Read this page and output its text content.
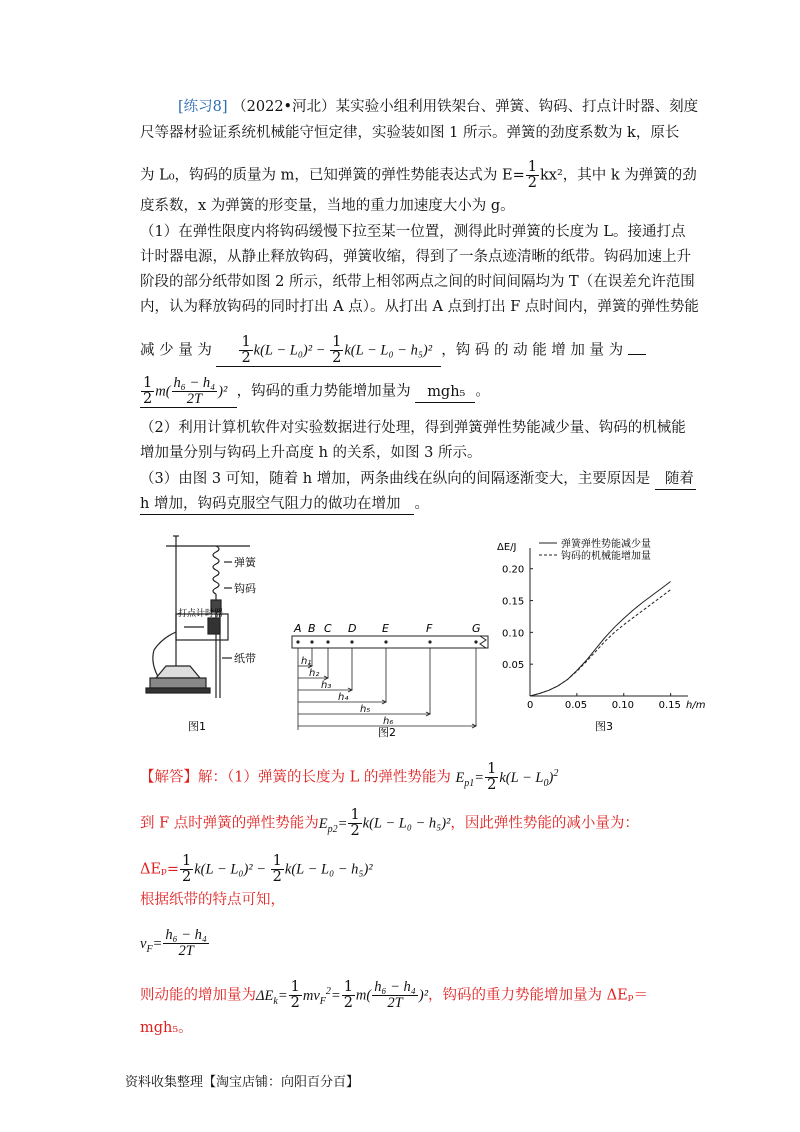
[练习8] （2022•河北）某实验小组利用铁架台、弹簧、钩码、打点计时器、刻度
尺等器材验证系统机械能守恒定律，实验装如图 1 所示。弹簧的劲度系数为 k，原长
为 L₀，钩码的质量为 m，已知弹簧的弹性势能表达式为 $E= \frac{1}{2} kx^2$，其中 k 为弹簧的劲
度系数，x 为弹簧的形变量，当地的重力加速度大小为 g。
（1）在弹性限度内将钩码缓慢下拉至某一位置，测得此时弹簧的长度为 L。接通打点
计时器电源，从静止释放钩码，弹簧收缩，得到了一条点迹清晰的纸带。钩码加速上升
阶段的部分纸带如图 2 所示，纸带上相邻两点之间的时间间隔均为 T（在误差允许范围
内，认为释放钩码的同时打出 A 点）。从打出 A 点到打出 F 点时间内，弹簧的弹性势能
减 少 量 为 $\frac{1}{2} k(L - L_0)^2 - \frac{1}{2} k(L - L_0 - h_5)^2$ ，钩 码 的 动 能 增 加 量 为
$\frac{1}{2} m( \frac{\text{h₆ − h₄}}{2T} )^2$ ，钩码的重力势能增加量为 mgh₅ 。
（2）利用计算机软件对实验数据进行处理，得到弹簧弹性势能减少量、钩码的机械能
增加量分别与钩码上升高度 h 的关系，如图 3 所示。
（3）由图 3 可知，随着 h 增加，两条曲线在纵向的间隔逐渐变大，主要原因是 随着
h 增加，钩码克服空气阻力的做功在增加 。
弹簧
钩码
打点计时器
纸带
图1
A B C D E	F	G
h₁
h₂
h₃
h₄
h₅
h₆
图2
ΔE/J
h/m
0	0.05 0.10 0.15
0.05
0.10
0.15
0.20
弹簧弹性势能减少量
钩码的机械能增加量
图3
【解答】解：（1）弹簧的长度为 L 的弹性势能为 $E_{p1}= \frac{1}{2} k(L - L_0)^2$
到 F 点时弹簧的弹性势能为$E_{p2}= \frac{1}{2} k(L - L_0 - h_5)^2$，因此弹性势能的减小量为：
$\Delta E_p= \frac{1}{2} k(L - L_0)^2 - \frac{1}{2} k(L - L_0 - h_5)^2$
根据纸带的特点可知，
$v_F= \frac{\text{h₆ − h₄}}{2T}$
则动能的增加量为$\Delta E_k= \frac{1}{2} mv_F^2= \frac{1}{2} m( \frac{\text{h₆ − h₄}}{2T} )^2$，钩码的重力势能增加量为 ΔEₚ＝
mgh₅。
资料收集整理【淘宝店铺：向阳百分百】
